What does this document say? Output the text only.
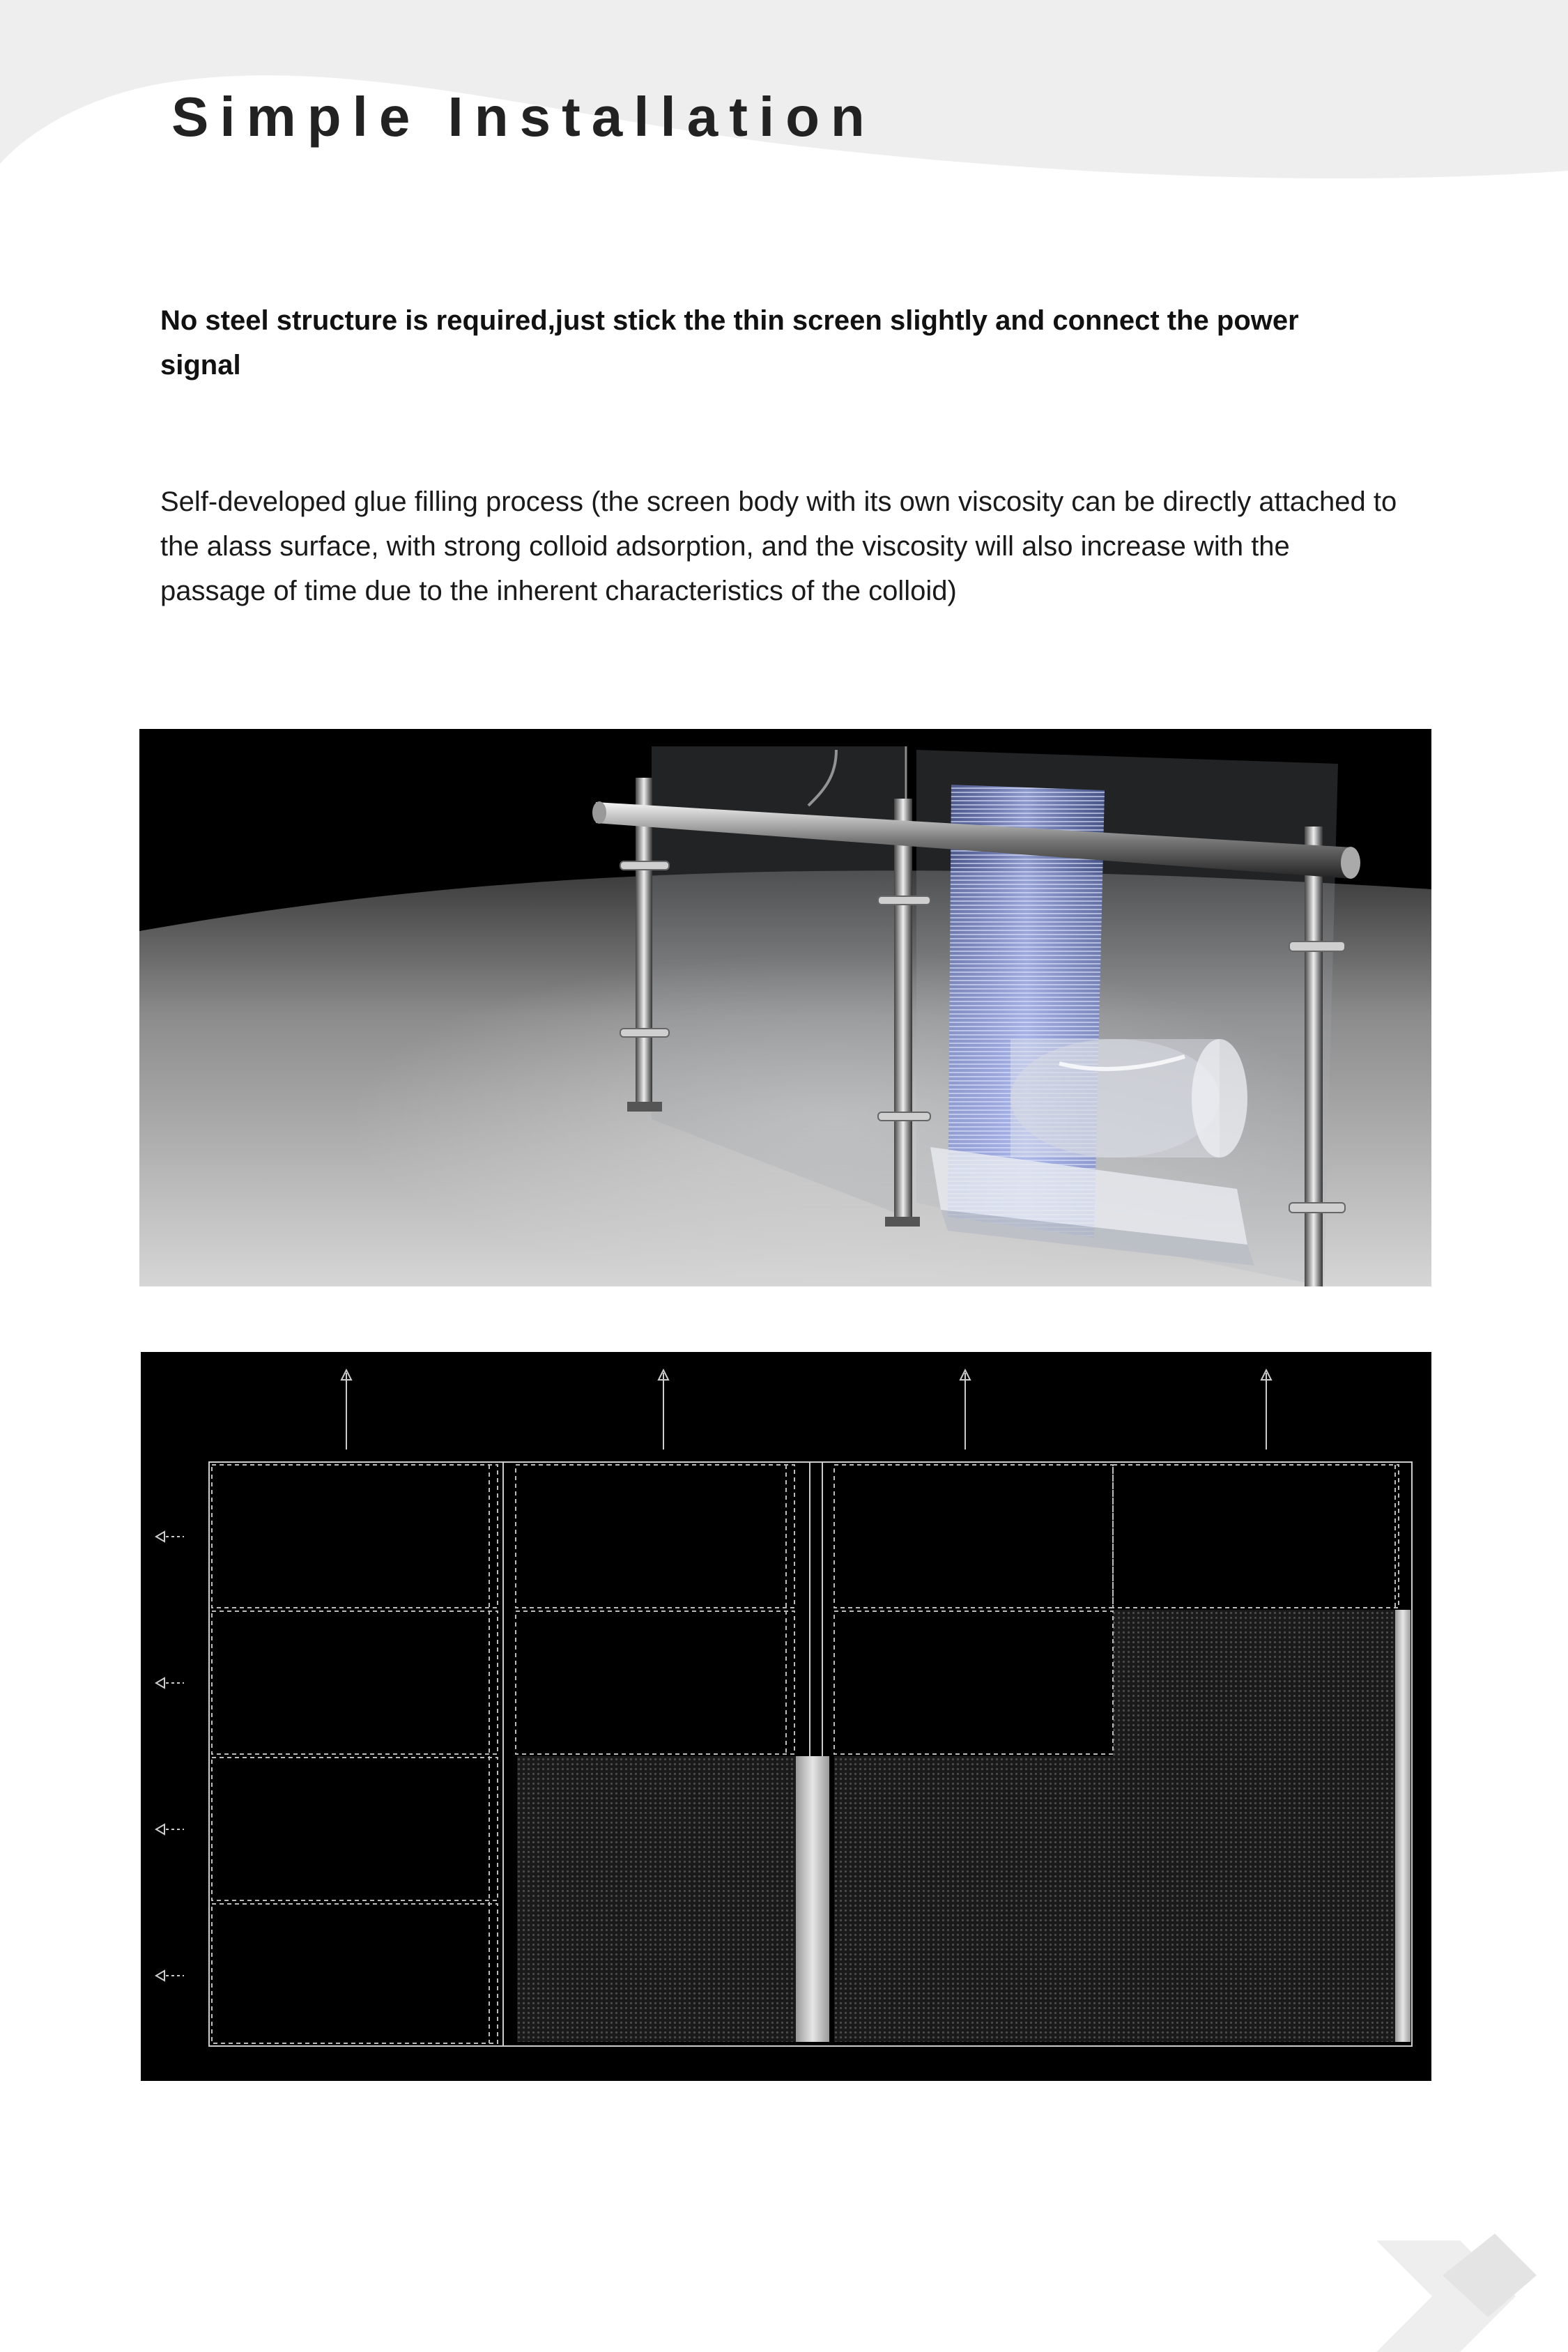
Simple Installation

No steel structure is required,just stick the thin screen slightly and connect the power signal

Self-developed glue filling process (the screen body with its own viscosity can be directly attached to the alass surface, with strong colloid adsorption, and the viscosity will also increase with the passage of time due to the inherent characteristics of the colloid)
